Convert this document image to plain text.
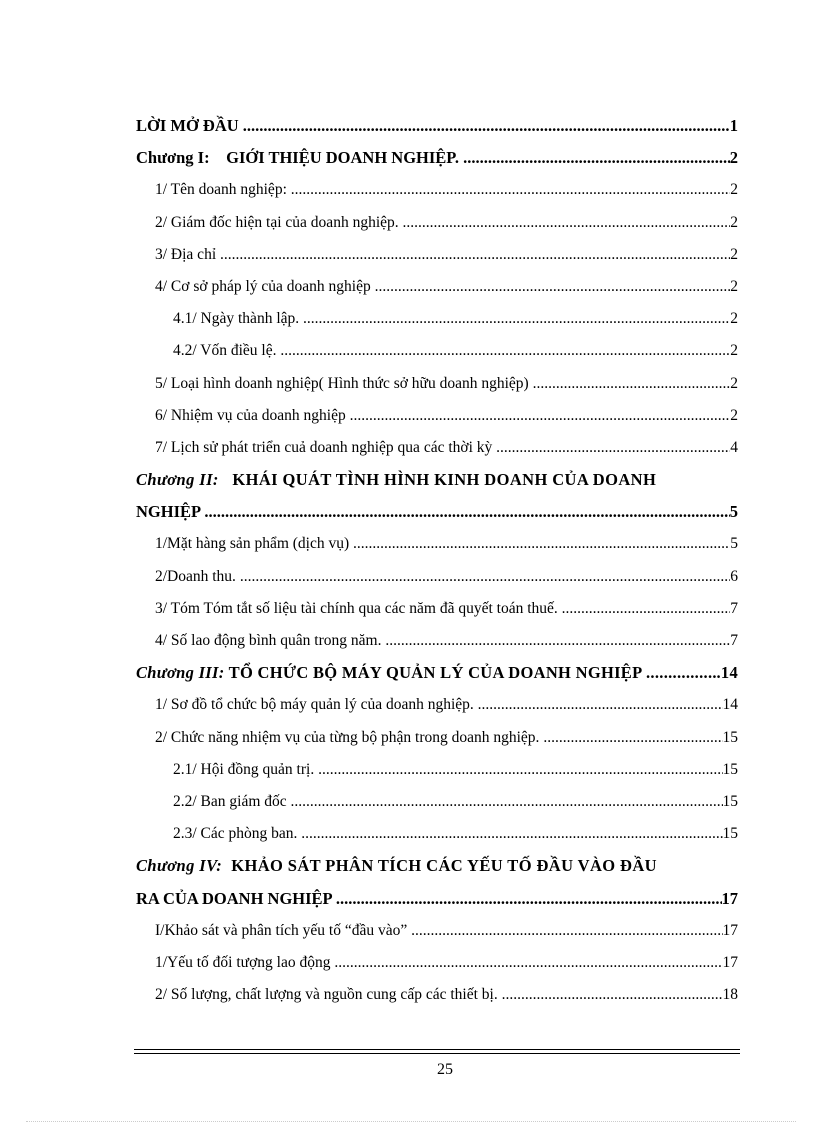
LỜI MỞ ĐẦU .....	1
Chương I: GIỚI THIỆU DOANH NGHIỆP. .....	2
1/ Tên doanh nghiệp: .....	2
2/ Giám đốc hiện tại của doanh nghiệp. .....	2
3/ Địa chỉ .....	2
4/ Cơ sở pháp lý của doanh nghiệp .....	2
4.1/ Ngày thành lập. .....	2
4.2/ Vốn điều lệ. .....	2
5/ Loại hình doanh nghiệp( Hình thức sở hữu doanh nghiệp) .....	2
6/ Nhiệm vụ của doanh nghiệp .....	2
7/ Lịch sử phát triển cuả doanh nghiệp qua các thời kỳ .....	4
Chương II: KHÁI QUÁT TÌNH HÌNH KINH DOANH CỦA DOANH
NGHIỆP .....	5
1/Mặt hàng sản phẩm (dịch vụ) .....	5
2/Doanh thu. .....	6
3/ Tóm Tóm tắt số liệu tài chính qua các năm đã quyết toán thuế. .....	7
4/ Số lao động bình quân trong năm. .....	7
Chương III: TỔ CHỨC BỘ MÁY QUẢN LÝ CỦA DOANH NGHIỆP .....	.14
1/ Sơ đồ tổ chức bộ máy quản lý của doanh nghiệp. .....	14
2/ Chức năng nhiệm vụ của từng bộ phận trong doanh nghiệp. .....	15
2.1/ Hội đồng quản trị. .....	15
2.2/ Ban giám đốc .....	15
2.3/ Các phòng ban. .....	15
Chương IV: KHẢO SÁT PHÂN TÍCH CÁC YẾU TỐ ĐẦU VÀO ĐẦU
RA CỦA DOANH NGHIỆP .....	17
I/Khảo sát và phân tích yếu tố “đầu vào” .....	17
1/Yếu tố đối tượng lao động .....	17
2/ Số lượng, chất lượng và nguồn cung cấp các thiết bị. .....	18
25
